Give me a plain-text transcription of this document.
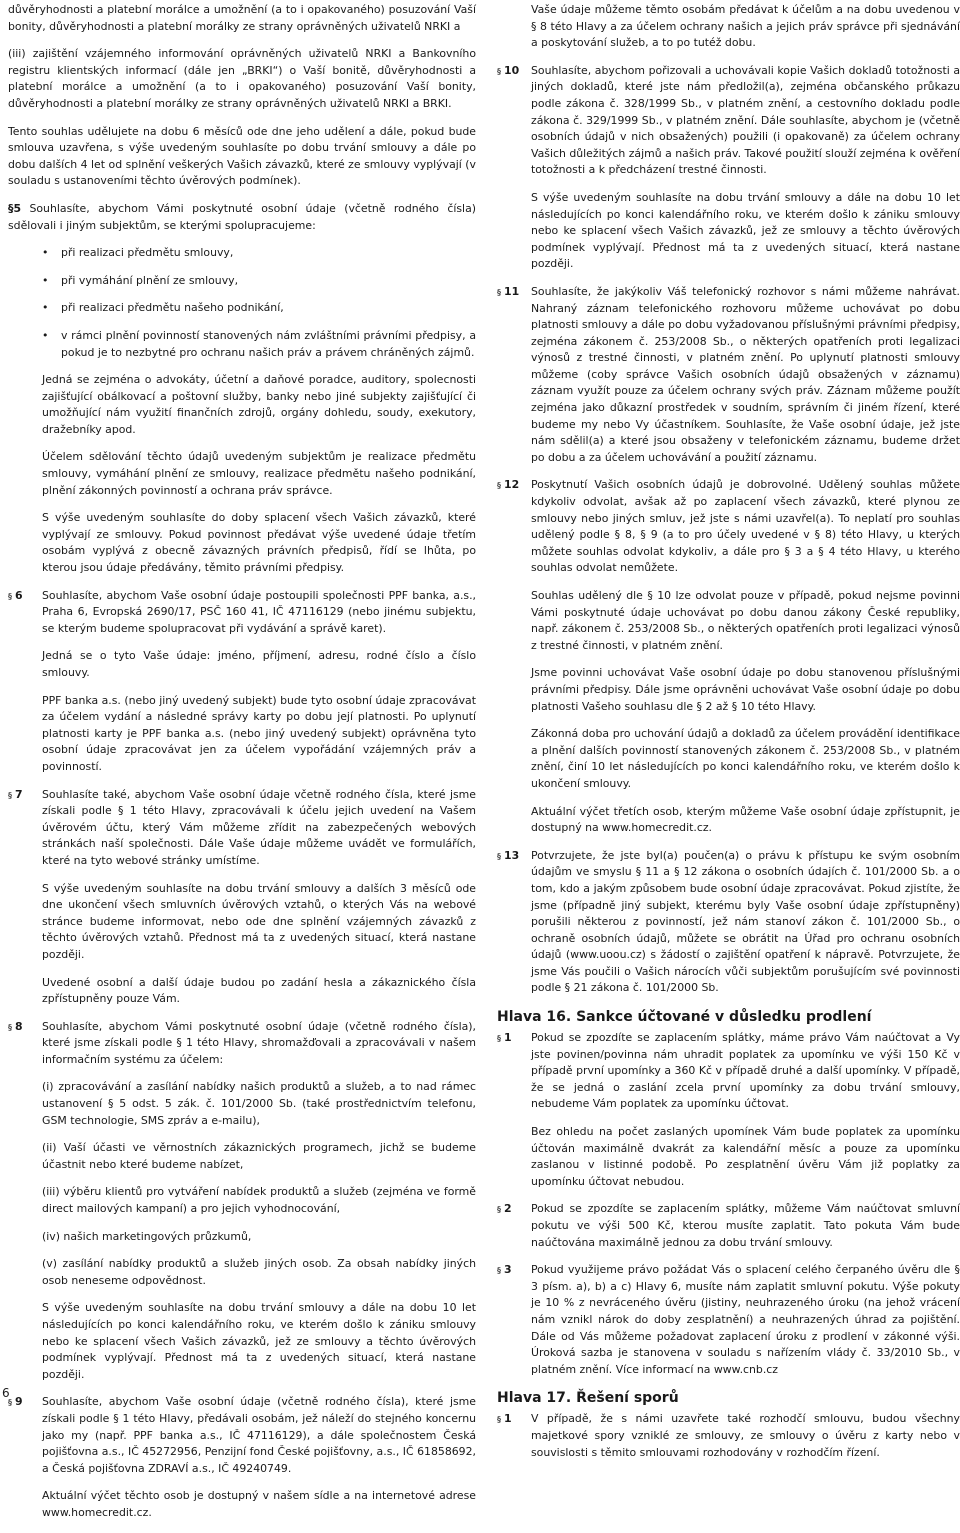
důvěryhodnosti a platební morálce a umožnění (a to i opakovaného) posuzování Vaší bonity, důvěryhodnosti a platební morálky ze strany oprávněných uživatelů NRKI a

(iii) zajištění vzájemného informování oprávněných uživatelů NRKI a Bankovního registru klientských informací (dále jen „BRKI“) o Vaší bonitě, důvěryhodnosti a platební morálce a umožnění (a to i opakovaného) posuzování Vaší bonity, důvěryhodnosti a platební morálky ze strany oprávněných uživatelů NRKI a BRKI.

Tento souhlas udělujete na dobu 6 měsíců ode dne jeho udělení a dále, pokud bude smlouva uzavřena, s výše uvedeným souhlasíte po dobu trvání smlouvy a dále po dobu dalších 4 let od splnění veškerých Vašich závazků, které ze smlouvy vyplývají (v souladu s ustanoveními těchto úvěrových podmínek).

§5 Souhlasíte, abychom Vámi poskytnuté osobní údaje (včetně rodného čísla) sdělovali i jiným subjektům, se kterými spolupracujeme:

• při realizaci předmětu smlouvy,
• při vymáhání plnění ze smlouvy,
• při realizaci předmětu našeho podnikání,
• v rámci plnění povinností stanovených nám zvláštními právními předpisy, a pokud je to nezbytné pro ochranu našich práv a právem chráněných zájmů.

Jedná se zejména o advokáty, účetní a daňové poradce, auditory, spolecnosti zajišťující obálkovací a poštovní služby, banky nebo jiné subjekty zajišťující či umožňující nám využití finančních zdrojů, orgány dohledu, soudy, exekutory, dražebníky apod.

Účelem sdělování těchto údajů uvedeným subjektům je realizace předmětu smlouvy, vymáhání plnění ze smlouvy, realizace předmětu našeho podnikání, plnění zákonných povinností a ochrana práv správce.

S výše uvedeným souhlasíte do doby splacení všech Vašich závazků, které vyplývají ze smlouvy. Pokud povinnost předávat výše uvedené údaje třetím osobám vyplývá z obecně závazných právních předpisů, řídí se lhůta, po kterou jsou údaje předávány, těmito právními předpisy.

§ 6 Souhlasíte, abychom Vaše osobní údaje postoupili společnosti PPF banka, a.s., Praha 6, Evropská 2690/17, PSČ 160 41, IČ 47116129 (nebo jinému subjektu, se kterým budeme spolupracovat při vydávání a správě karet).

Jedná se o tyto Vaše údaje: jméno, příjmení, adresu, rodné číslo a číslo smlouvy.

PPF banka a.s. (nebo jiný uvedený subjekt) bude tyto osobní údaje zpracovávat za účelem vydání a následné správy karty po dobu její platnosti. Po uplynutí platnosti karty je PPF banka a.s. (nebo jiný uvedený subjekt) oprávněna tyto osobní údaje zpracovávat jen za účelem vypořádání vzájemných práv a povinností.

§ 7 Souhlasíte také, abychom Vaše osobní údaje včetně rodného čísla, které jsme získali podle § 1 této Hlavy, zpracovávali k účelu jejich uvedení na Vašem úvěrovém účtu, který Vám můžeme zřídit na zabezpečených webových stránkách naší společnosti. Dále Vaše údaje můžeme uvádět ve formulářích, které na tyto webové stránky umístíme.

S výše uvedeným souhlasíte na dobu trvání smlouvy a dalších 3 měsíců ode dne ukončení všech smluvních úvěrových vztahů, o kterých Vás na webové stránce budeme informovat, nebo ode dne splnění vzájemných závazků z těchto úvěrových vztahů. Přednost má ta z uvedených situací, která nastane později.

Uvedené osobní a další údaje budou po zadání hesla a zákaznického čísla zpřístupněny pouze Vám.

§ 8 Souhlasíte, abychom Vámi poskytnuté osobní údaje (včetně rodného čísla), které jsme získali podle § 1 této Hlavy, shromažďovali a zpracovávali v našem informačním systému za účelem:

(i) zpracovávání a zasílání nabídky našich produktů a služeb, a to nad rámec ustanovení § 5 odst. 5 zák. č. 101/2000 Sb. (také prostřednictvím telefonu, GSM technologie, SMS zpráv a e-mailu),

(ii) Vaší účasti ve věrnostních zákaznických programech, jichž se budeme účastnit nebo které budeme nabízet,

(iii) výběru klientů pro vytváření nabídek produktů a služeb (zejména ve formě direct mailových kampaní) a pro jejich vyhodnocování,

(iv) našich marketingových průzkumů,

(v) zasílání nabídky produktů a služeb jiných osob. Za obsah nabídky jiných osob neneseme odpovědnost.

S výše uvedeným souhlasíte na dobu trvání smlouvy a dále na dobu 10 let následujících po konci kalendářního roku, ve kterém došlo k zániku smlouvy nebo ke splacení všech Vašich závazků, jež ze smlouvy a těchto úvěrových podmínek vyplývají. Přednost má ta z uvedených situací, která nastane později.

§ 9 Souhlasíte, abychom Vaše osobní údaje (včetně rodného čísla), které jsme získali podle § 1 této Hlavy, předávali osobám, jež náleží do stejného koncernu jako my (např. PPF banka a.s., IČ 47116129), a dále společnostem Česká pojišťovna a.s., IČ 45272956, Penzijní fond České pojišťovny, a.s., IČ 61858692, a Česká pojišťovna ZDRAVÍ a.s., IČ 49240749.

Aktuální výčet těchto osob je dostupný v našem sídle a na internetové adrese www.homecredit.cz.

Vaše údaje můžeme těmto osobám předávat k účelům a na dobu uvedenou v § 8 této Hlavy a za účelem ochrany našich a jejich práv správce při sjednávání a poskytování služeb, a to po tutéž dobu.

§ 10 Souhlasíte, abychom pořizovali a uchovávali kopie Vašich dokladů totožnosti a jiných dokladů, které jste nám předložil(a), zejména občanského průkazu podle zákona č. 328/1999 Sb., v platném znění, a cestovního dokladu podle zákona č. 329/1999 Sb., v platném znění. Dále souhlasíte, abychom je (včetně osobních údajů v nich obsažených) použili (i opakovaně) za účelem ochrany Vašich důležitých zájmů a našich práv. Takové použití slouží zejména k ověření totožnosti a k předcházení trestné činnosti.

S výše uvedeným souhlasíte na dobu trvání smlouvy a dále na dobu 10 let následujících po konci kalendářního roku, ve kterém došlo k zániku smlouvy nebo ke splacení všech Vašich závazků, jež ze smlouvy a těchto úvěrových podmínek vyplývají. Přednost má ta z uvedených situací, která nastane později.

§ 11 Souhlasíte, že jakýkoliv Váš telefonický rozhovor s námi můžeme nahrávat. Nahraný záznam telefonického rozhovoru můžeme uchovávat po dobu platnosti smlouvy a dále po dobu vyžadovanou příslušnými právními předpisy, zejména zákonem č. 253/2008 Sb., o některých opatřeních proti legalizaci výnosů z trestné činnosti, v platném znění. Po uplynutí platnosti smlouvy můžeme (coby správce Vašich osobních údajů obsažených v záznamu) záznam využít pouze za účelem ochrany svých práv. Záznam můžeme použít zejména jako důkazní prostředek v soudním, správním či jiném řízení, které budeme my nebo Vy účastníkem. Souhlasíte, že Vaše osobní údaje, jež jste nám sdělil(a) a které jsou obsaženy v telefonickém záznamu, budeme držet po dobu a za účelem uchovávání a použití záznamu.

§ 12 Poskytnutí Vašich osobních údajů je dobrovolné. Udělený souhlas můžete kdykoliv odvolat, avšak až po zaplacení všech závazků, které plynou ze smlouvy nebo jiných smluv, jež jste s námi uzavřel(a). To neplatí pro souhlas udělený podle § 8, § 9 (a to pro účely uvedené v § 8) této Hlavy, u kterých můžete souhlas odvolat kdykoliv, a dále pro § 3 a § 4 této Hlavy, u kterého souhlas odvolat nemůžete.

Souhlas udělený dle § 10 lze odvolat pouze v případě, pokud nejsme povinni Vámi poskytnuté údaje uchovávat po dobu danou zákony České republiky, např. zákonem č. 253/2008 Sb., o některých opatřeních proti legalizaci výnosů z trestné činnosti, v platném znění.

Jsme povinni uchovávat Vaše osobní údaje po dobu stanovenou příslušnými právními předpisy. Dále jsme oprávněni uchovávat Vaše osobní údaje po dobu platnosti Vašeho souhlasu dle § 2 až § 10 této Hlavy.

Zákonná doba pro uchování údajů a dokladů za účelem provádění identifikace a plnění dalších povinností stanovených zákonem č. 253/2008 Sb., v platném znění, činí 10 let následujících po konci kalendářního roku, ve kterém došlo k ukončení smlouvy.

Aktuální výčet třetích osob, kterým můžeme Vaše osobní údaje zpřístupnit, je dostupný na www.homecredit.cz.

§ 13 Potvrzujete, že jste byl(a) poučen(a) o právu k přístupu ke svým osobním údajům ve smyslu § 11 a § 12 zákona o osobních údajích č. 101/2000 Sb. a o tom, kdo a jakým způsobem bude osobní údaje zpracovávat. Pokud zjistíte, že jsme (případně jiný subjekt, kterému byly Vaše osobní údaje zpřístupněny) porušili některou z povinností, jež nám stanoví zákon č. 101/2000 Sb., o ochraně osobních údajů, můžete se obrátit na Úřad pro ochranu osobních údajů (www.uoou.cz) s žádostí o zajištění opatření k nápravě. Potvrzujete, že jsme Vás poučili o Vašich nárocích vůči subjektům porušujícím své povinnosti podle § 21 zákona č. 101/2000 Sb.

Hlava 16. Sankce účtované v důsledku prodlení
§ 1 Pokud se zpozdíte se zaplacením splátky, máme právo Vám naúčtovat a Vy jste povinen/povinna nám uhradit poplatek za upomínku ve výši 150 Kč v případě první upomínky a 360 Kč v případě druhé a další upomínky. V případě, že se jedná o zaslání zcela první upomínky za dobu trvání smlouvy, nebudeme Vám poplatek za upomínku účtovat.

Bez ohledu na počet zaslaných upomínek Vám bude poplatek za upomínku účtován maximálně dvakrát za kalendářní měsíc a pouze za upomínku zaslanou v listinné podobě. Po zesplatnění úvěru Vám již poplatky za upomínku účtovat nebudou.

§ 2 Pokud se zpozdíte se zaplacením splátky, můžeme Vám naúčtovat smluvní pokutu ve výši 500 Kč, kterou musíte zaplatit. Tato pokuta Vám bude naúčtována maximálně jednou za dobu trvání smlouvy.

§ 3 Pokud využijeme právo požádat Vás o splacení celého čerpaného úvěru dle § 3 písm. a), b) a c) Hlavy 6, musíte nám zaplatit smluvní pokutu. Výše pokuty je 10 % z nevráceného úvěru (jistiny, neuhrazeného úroku (na jehož vrácení nám vznikl nárok do doby zesplatnění) a neuhrazených úhrad za pojištění. Dále od Vás můžeme požadovat zaplacení úroku z prodlení v zákonné výši. Úroková sazba je stanovena v souladu s nařízením vlády č. 33/2010 Sb., v platném znění. Více informací na www.cnb.cz

Hlava 17. Řešení sporů
§ 1 V případě, že s námi uzavřete také rozhodčí smlouvu, budou všechny majetkové spory vzniklé ze smlouvy, ze smlouvy o úvěru z karty nebo v souvislosti s těmito smlouvami rozhodovány v rozhodčím řízení.

6
